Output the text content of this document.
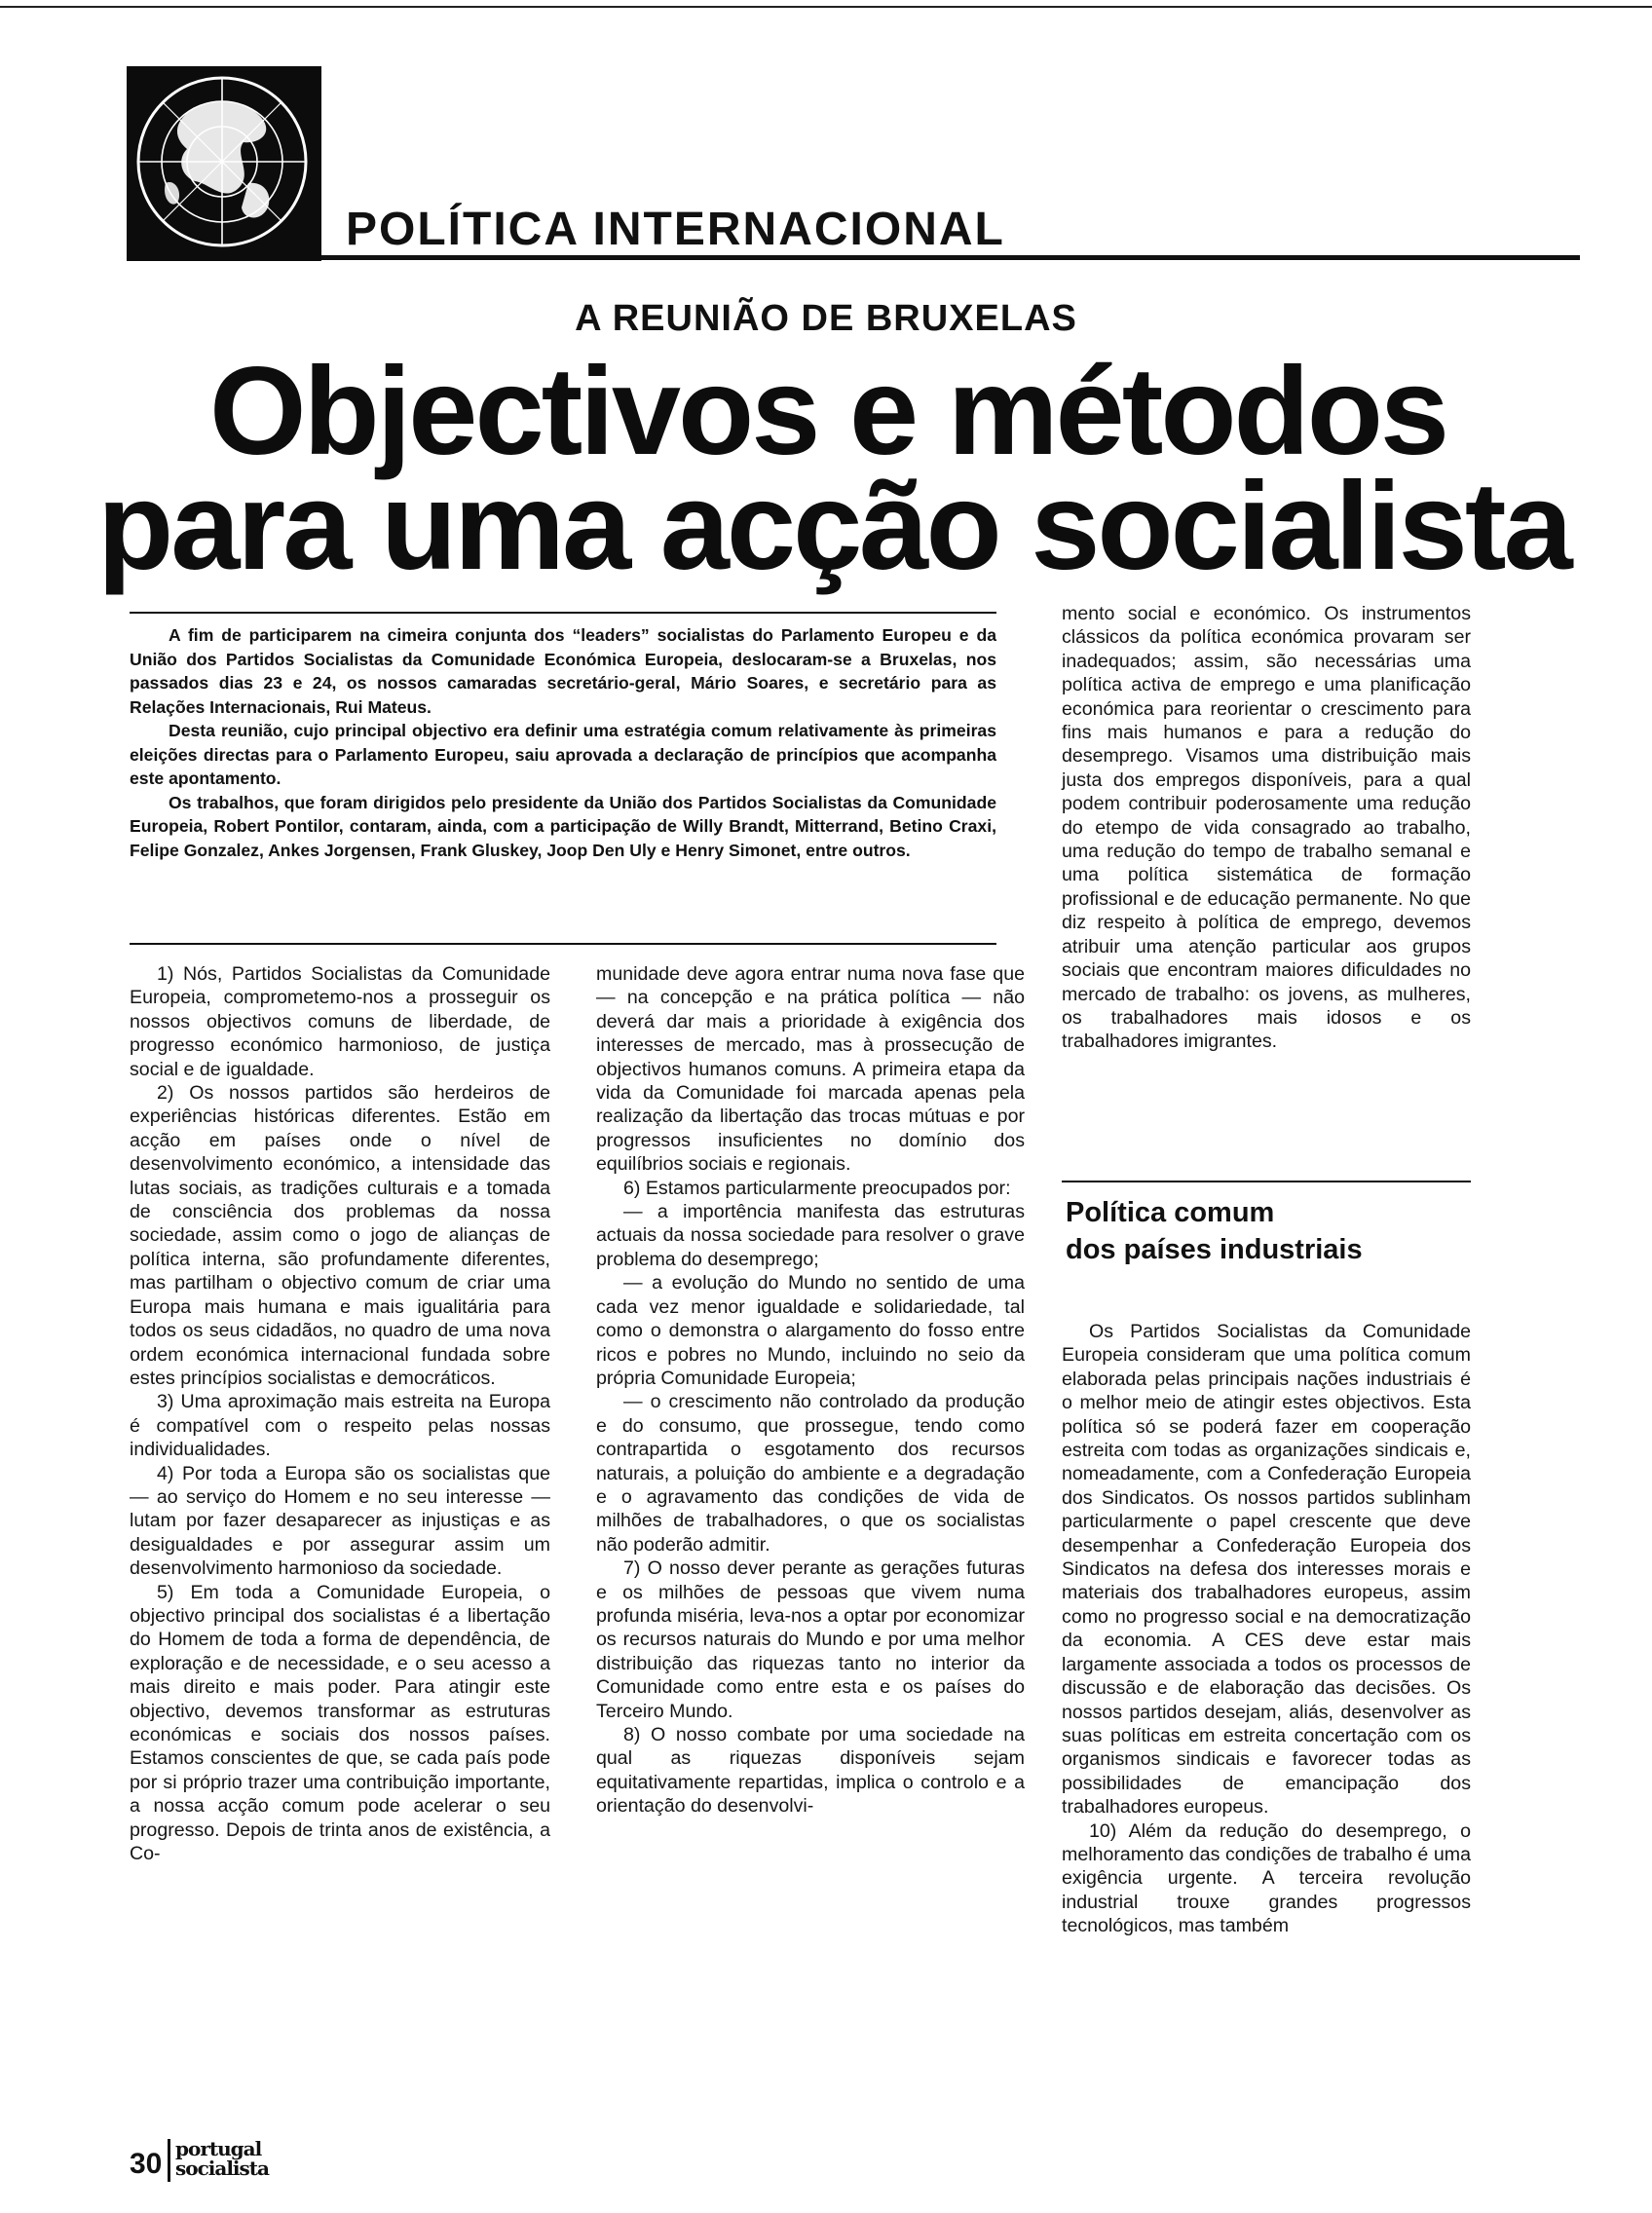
POLÍTICA INTERNACIONAL
A REUNIÃO DE BRUXELAS
Objectivos e métodos
para uma acção socialista

A fim de participarem na cimeira conjunta dos “leaders” socialistas do Parlamento Europeu e da União dos Partidos Socialistas da Comunidade Económica Europeia, deslocaram-se a Bruxelas, nos passados dias 23 e 24, os nossos camaradas secretário-geral, Mário Soares, e secretário para as Relações Internacionais, Rui Mateus.

Desta reunião, cujo principal objectivo era definir uma estratégia comum relativamente às primeiras eleições directas para o Parlamento Europeu, saiu aprovada a declaração de princípios que acompanha este apontamento.

Os trabalhos, que foram dirigidos pelo presidente da União dos Partidos Socialistas da Comunidade Europeia, Robert Pontilor, contaram, ainda, com a participação de Willy Brandt, Mitterrand, Betino Craxi, Felipe Gonzalez, Ankes Jorgensen, Frank Gluskey, Joop Den Uly e Henry Simonet, entre outros.

1) Nós, Partidos Socialistas da Comunidade Europeia, comprometemo-nos a prosseguir os nossos objectivos comuns de liberdade, de progresso económico harmonioso, de justiça social e de igualdade.

2) Os nossos partidos são herdeiros de experiências históricas diferentes. Estão em acção em países onde o nível de desenvolvimento económico, a intensidade das lutas sociais, as tradições culturais e a tomada de consciência dos problemas da nossa sociedade, assim como o jogo de alianças de política interna, são profundamente diferentes, mas partilham o objectivo comum de criar uma Europa mais humana e mais igualitária para todos os seus cidadãos, no quadro de uma nova ordem económica internacional fundada sobre estes princípios socialistas e democráticos.

3) Uma aproximação mais estreita na Europa é compatível com o respeito pelas nossas individualidades.

4) Por toda a Europa são os socialistas que — ao serviço do Homem e no seu interesse — lutam por fazer desaparecer as injustiças e as desigualdades e por assegurar assim um desenvolvimento harmonioso da sociedade.

5) Em toda a Comunidade Europeia, o objectivo principal dos socialistas é a libertação do Homem de toda a forma de dependência, de exploração e de necessidade, e o seu acesso a mais direito e mais poder. Para atingir este objectivo, devemos transformar as estruturas económicas e sociais dos nossos países. Estamos conscientes de que, se cada país pode por si próprio trazer uma contribuição importante, a nossa acção comum pode acelerar o seu progresso. Depois de trinta anos de existência, a Co-

munidade deve agora entrar numa nova fase que — na concepção e na prática política — não deverá dar mais a prioridade à exigência dos interesses de mercado, mas à prossecução de objectivos humanos comuns. A primeira etapa da vida da Comunidade foi marcada apenas pela realização da libertação das trocas mútuas e por progressos insuficientes no domínio dos equilíbrios sociais e regionais.

6) Estamos particularmente preocupados por:

— a importência manifesta das estruturas actuais da nossa sociedade para resolver o grave problema do desemprego;

— a evolução do Mundo no sentido de uma cada vez menor igualdade e solidariedade, tal como o demonstra o alargamento do fosso entre ricos e pobres no Mundo, incluindo no seio da própria Comunidade Europeia;

— o crescimento não controlado da produção e do consumo, que prossegue, tendo como contrapartida o esgotamento dos recursos naturais, a poluição do ambiente e a degradação e o agravamento das condições de vida de milhões de trabalhadores, o que os socialistas não poderão admitir.

7) O nosso dever perante as gerações futuras e os milhões de pessoas que vivem numa profunda miséria, leva-nos a optar por economizar os recursos naturais do Mundo e por uma melhor distribuição das riquezas tanto no interior da Comunidade como entre esta e os países do Terceiro Mundo.

8) O nosso combate por uma sociedade na qual as riquezas disponíveis sejam equitativamente repartidas, implica o controlo e a orientação do desenvolvi-

mento social e económico. Os instrumentos clássicos da política económica provaram ser inadequados; assim, são necessárias uma política activa de emprego e uma planificação económica para reorientar o crescimento para fins mais humanos e para a redução do desemprego. Visamos uma distribuição mais justa dos empregos disponíveis, para a qual podem contribuir poderosamente uma redução do etempo de vida consagrado ao trabalho, uma redução do tempo de trabalho semanal e uma política sistemática de formação profissional e de educação permanente. No que diz respeito à política de emprego, devemos atribuir uma atenção particular aos grupos sociais que encontram maiores dificuldades no mercado de trabalho: os jovens, as mulheres, os trabalhadores mais idosos e os trabalhadores imigrantes.

Política comum
dos países industriais

Os Partidos Socialistas da Comunidade Europeia consideram que uma política comum elaborada pelas principais nações industriais é o melhor meio de atingir estes objectivos. Esta política só se poderá fazer em cooperação estreita com todas as organizações sindicais e, nomeadamente, com a Confederação Europeia dos Sindicatos. Os nossos partidos sublinham particularmente o papel crescente que deve desempenhar a Confederação Europeia dos Sindicatos na defesa dos interesses morais e materiais dos trabalhadores europeus, assim como no progresso social e na democratização da economia. A CES deve estar mais largamente associada a todos os processos de discussão e de elaboração das decisões. Os nossos partidos desejam, aliás, desenvolver as suas políticas em estreita concertação com os organismos sindicais e favorecer todas as possibilidades de emancipação dos trabalhadores europeus.

10) Além da redução do desemprego, o melhoramento das condições de trabalho é uma exigência urgente. A terceira revolução industrial trouxe grandes progressos tecnológicos, mas também

30 portugal
socialista
